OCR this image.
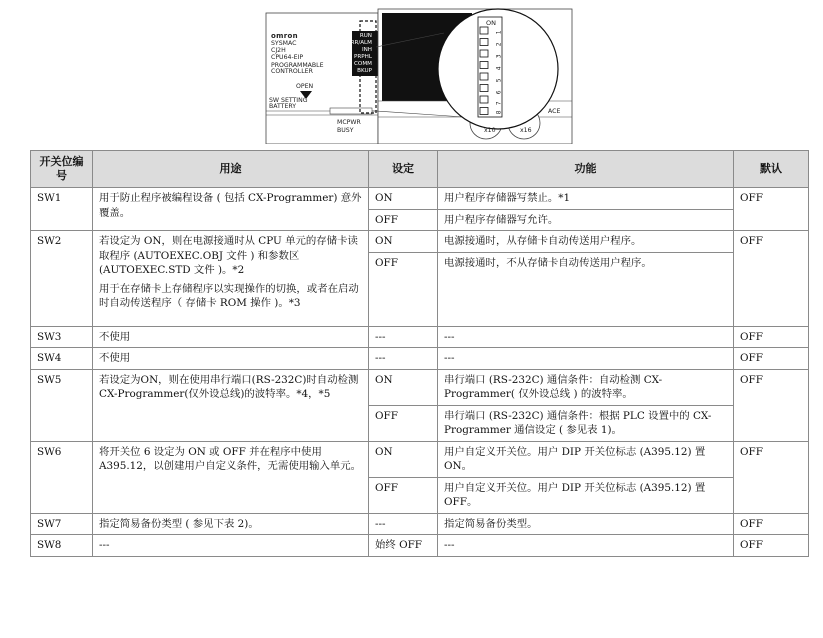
omron
SYSMAC
CJ2H
CPU64-EIP
PROGRAMMABLE
CONTROLLER
RUN
ERR/ALM
INH
PRPHL
COMM
BKUP
OPEN
SW SETTING
BATTERY
MCPWR
BUSY	x10	x16
ACE
ON
1
2
3
4
5
6
7
8
开关位编号	用途	设定	功能	默认
SW1	用于防止程序被编程设备 ( 包括 CX-Programmer) 意外覆盖。	ON	用户程序存储器写禁止。*1	OFF
		OFF	用户程序存储器写允许。	
SW2	若设定为 ON，则在电源接通时从 CPU 单元的存储卡读取程序 (AUTOEXEC.OBJ 文件 ) 和参数区 (AUTOEXEC.STD 文件 )。*2
用于在存储卡上存储程序以实现操作的切换，或者在启动时自动传送程序（ 存储卡 ROM 操作 )。*3	ON	电源接通时，从存储卡自动传送用户程序。	OFF
		OFF	电源接通时，不从存储卡自动传送用户程序。	
SW3	不使用	---	---	OFF
SW4	不使用	---	---	OFF
SW5	若设定为ON，则在使用串行端口(RS-232C)时自动检测CX-Programmer(仅外设总线)的波特率。*4，*5	ON	串行端口 (RS-232C) 通信条件：自动检测 CX-Programmer( 仅外设总线 ) 的波特率。	OFF
		OFF	串行端口 (RS-232C) 通信条件：根据 PLC 设置中的 CX-Programmer 通信设定 ( 参见表 1)。	
SW6	将开关位 6 设定为 ON 或 OFF 并在程序中使用 A395.12，以创建用户自定义条件，无需使用输入单元。	ON	用户自定义开关位。用户 DIP 开关位标志 (A395.12) 置 ON。	OFF
		OFF	用户自定义开关位。用户 DIP 开关位标志 (A395.12) 置 OFF。	
SW7	指定简易备份类型 ( 参见下表 2)。	---	指定简易备份类型。	OFF
SW8	---	始终 OFF	---	OFF
